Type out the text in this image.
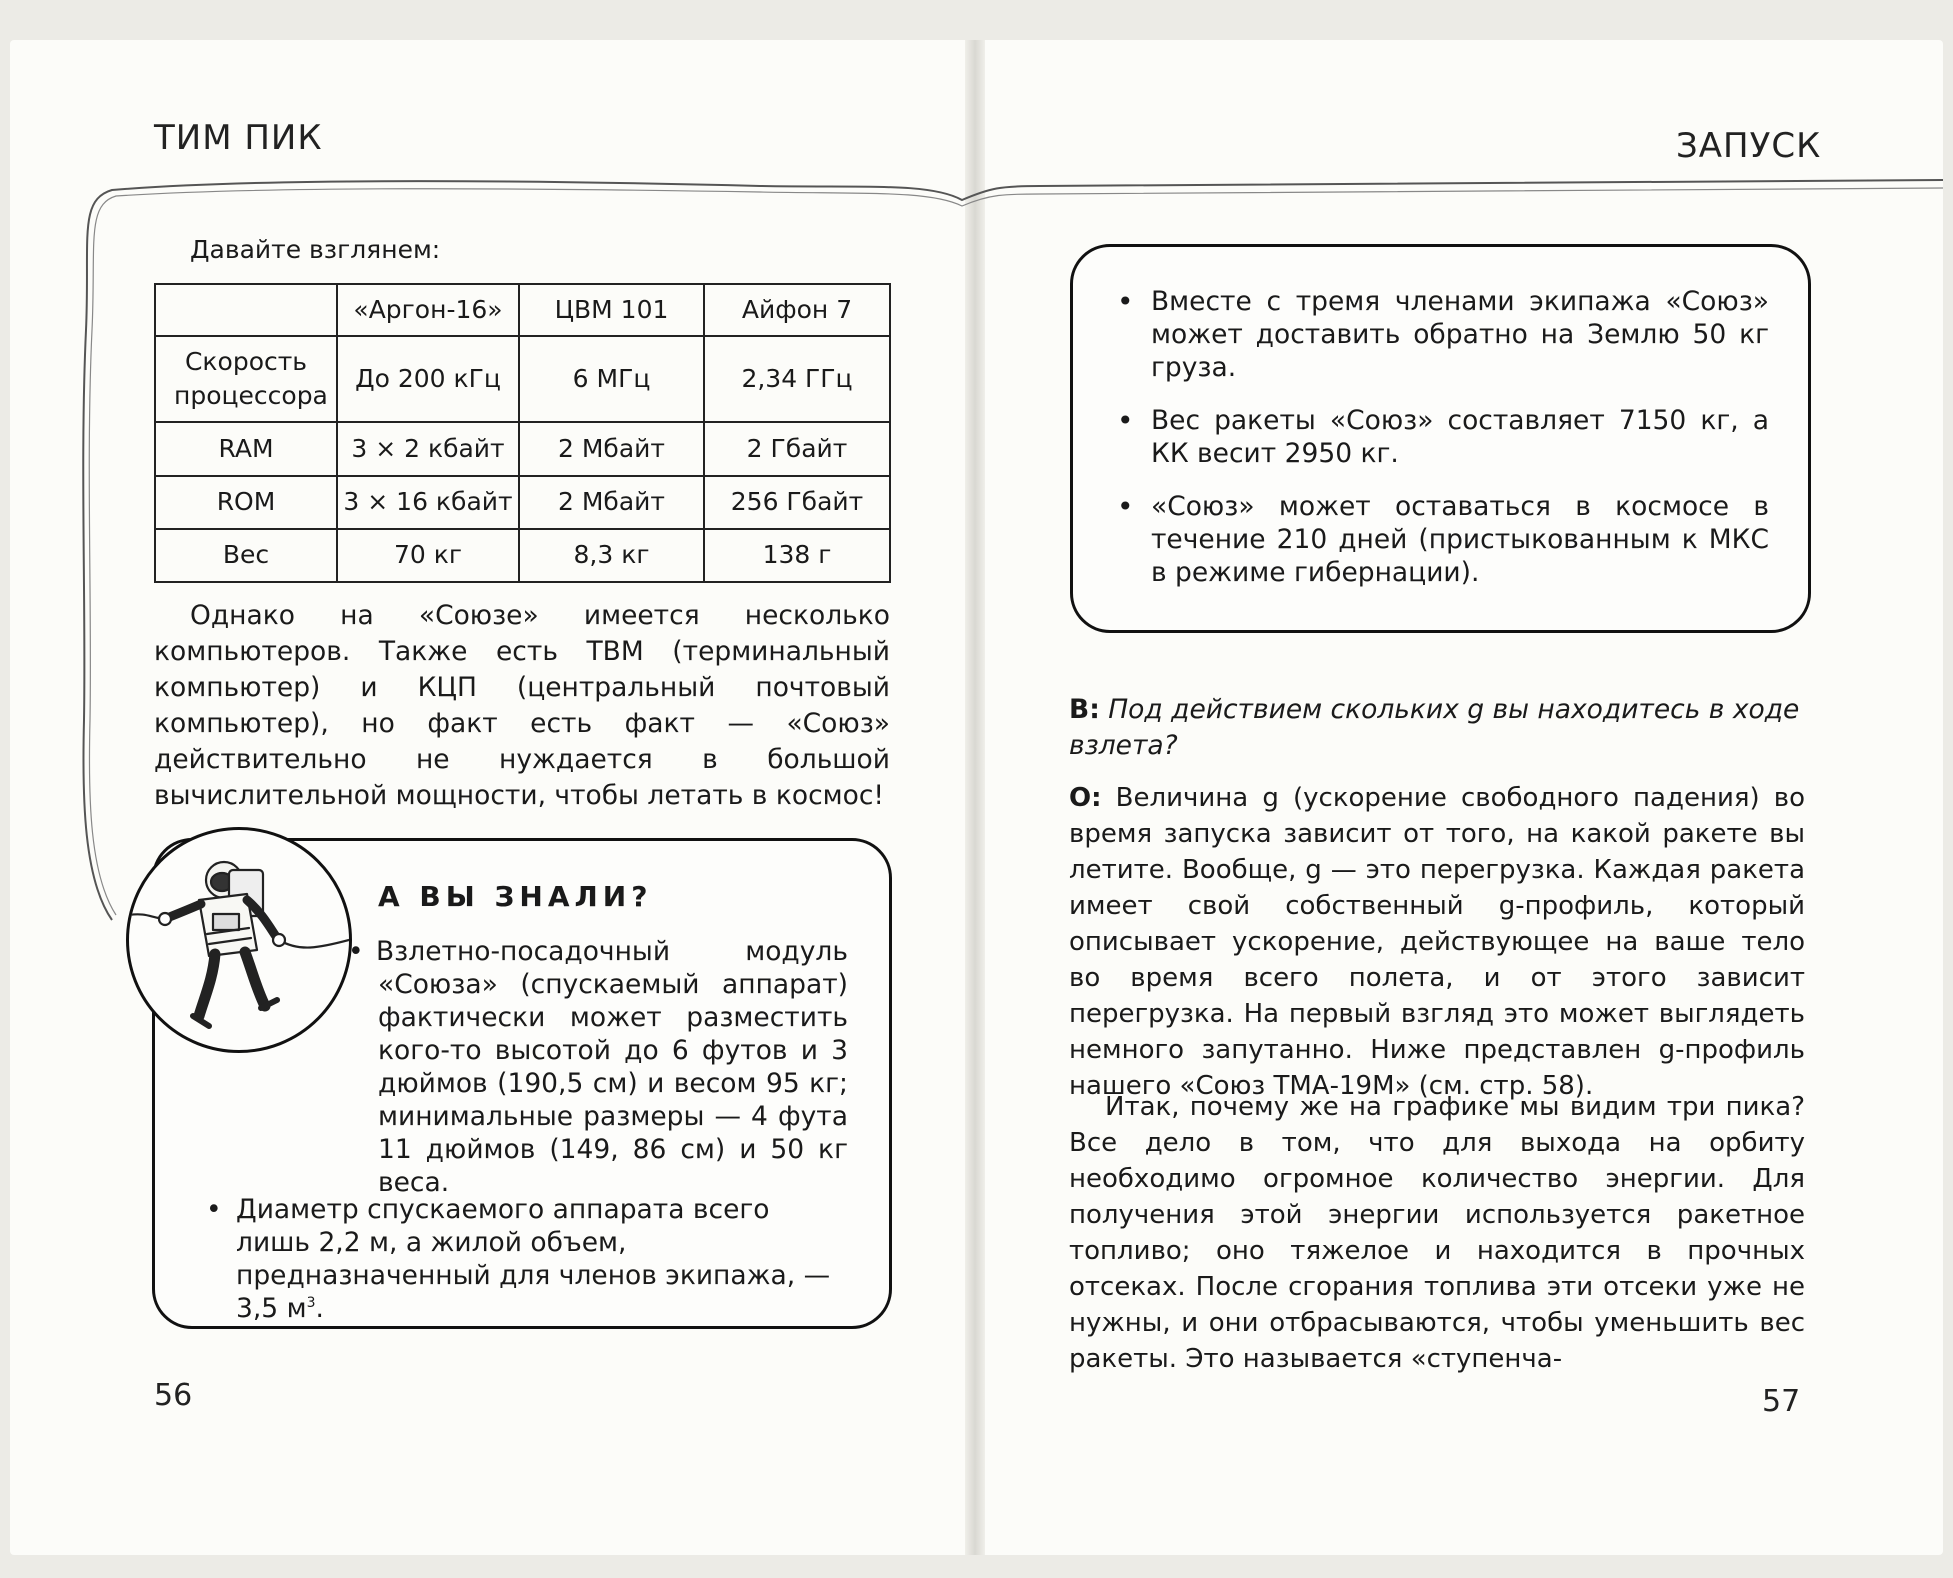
ТИМ ПИК
Давайте взглянем:
	«Аргон-16»	ЦВМ 101	Айфон 7
Скорость процессора	До 200 кГц	6 МГц	2,34 ГГц
RAM	3 × 2 кбайт	2 Мбайт	2 Гбайт
ROM	3 × 16 кбайт	2 Мбайт	256 Гбайт
Вес	70 кг	8,3 кг	138 г

Однако на «Союзе» имеется несколько компьютеров. Также есть ТВМ (терминальный компьютер) и КЦП (центральный почтовый компьютер), но факт есть факт — «Союз» действительно не нуждается в большой вычислительной мощности, чтобы летать в космос!

А ВЫ ЗНАЛИ?
• Взлетно-посадочный модуль «Союза» (спускаемый аппарат) фактически может разместить кого-то высотой до 6 футов и 3 дюймов (190,5 см) и весом 95 кг; минимальные размеры — 4 фута 11 дюймов (149, 86 см) и 50 кг веса.
• Диаметр спускаемого аппарата всего лишь 2,2 м, а жилой объем, предназначенный для членов экипажа, — 3,5 $м^3$.
56
ЗАПУСК
• Вместе с тремя членами экипажа «Союз» может доставить обратно на Землю 50 кг груза.
• Вес ракеты «Союз» составляет 7150 кг, а КК весит 2950 кг.
• «Союз» может оставаться в космосе в течение 210 дней (пристыкованным к МКС в режиме гибернации).

В: Под действием скольких g вы находитесь в ходе взлета?

О: Величина g (ускорение свободного падения) во время запуска зависит от того, на какой ракете вы летите. Вообще, g — это перегрузка. Каждая ракета имеет свой собственный g-профиль, который описывает ускорение, действующее на ваше тело во время всего полета, и от этого зависит перегрузка. На первый взгляд это может выглядеть немного запутанно. Ниже представлен g-профиль нашего «Союз ТМА-19М» (см. стр. 58).

Итак, почему же на графике мы видим три пика? Все дело в том, что для выхода на орбиту необходимо огромное количество энергии. Для получения этой энергии используется ракетное топливо; оно тяжелое и находится в прочных отсеках. После сгорания топлива эти отсеки уже не нужны, и они отбрасываются, чтобы уменьшить вес ракеты. Это называется «ступенча-

57
